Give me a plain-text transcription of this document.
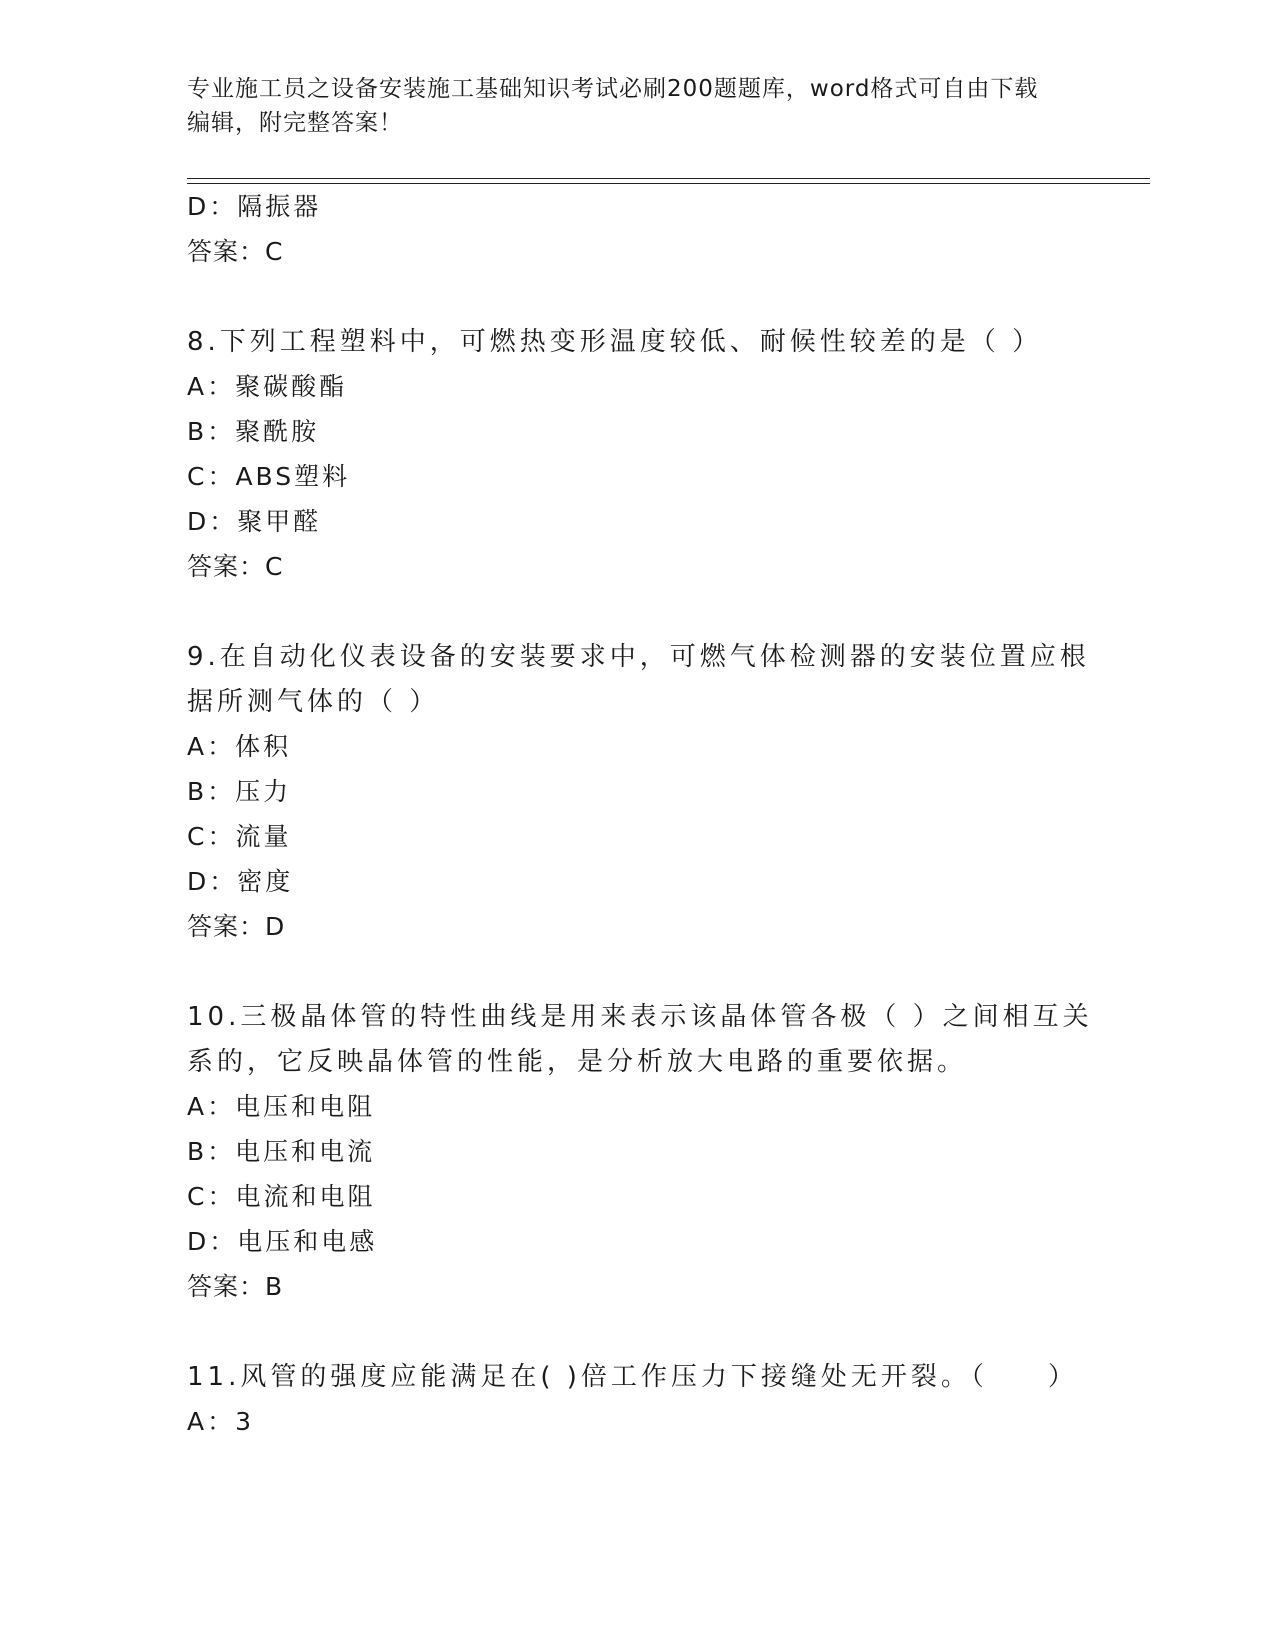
专业施工员之设备安装施工基础知识考试必刷200题题库，word格式可自由下载
编辑，附完整答案！
D：隔振器
答案：C
8.下列工程塑料中，可燃热变形温度较低、耐候性较差的是（ ）
A：聚碳酸酯
B：聚酰胺
C：ABS塑料
D：聚甲醛
答案：C
9.在自动化仪表设备的安装要求中，可燃气体检测器的安装位置应根
据所测气体的（ ）
A：体积
B：压力
C：流量
D：密度
答案：D
10.三极晶体管的特性曲线是用来表示该晶体管各极（ ）之间相互关
系的，它反映晶体管的性能，是分析放大电路的重要依据。
A：电压和电阻
B：电压和电流
C：电流和电阻
D：电压和电感
答案：B
11.风管的强度应能满足在( )倍工作压力下接缝处无开裂。（　　）
A：3
